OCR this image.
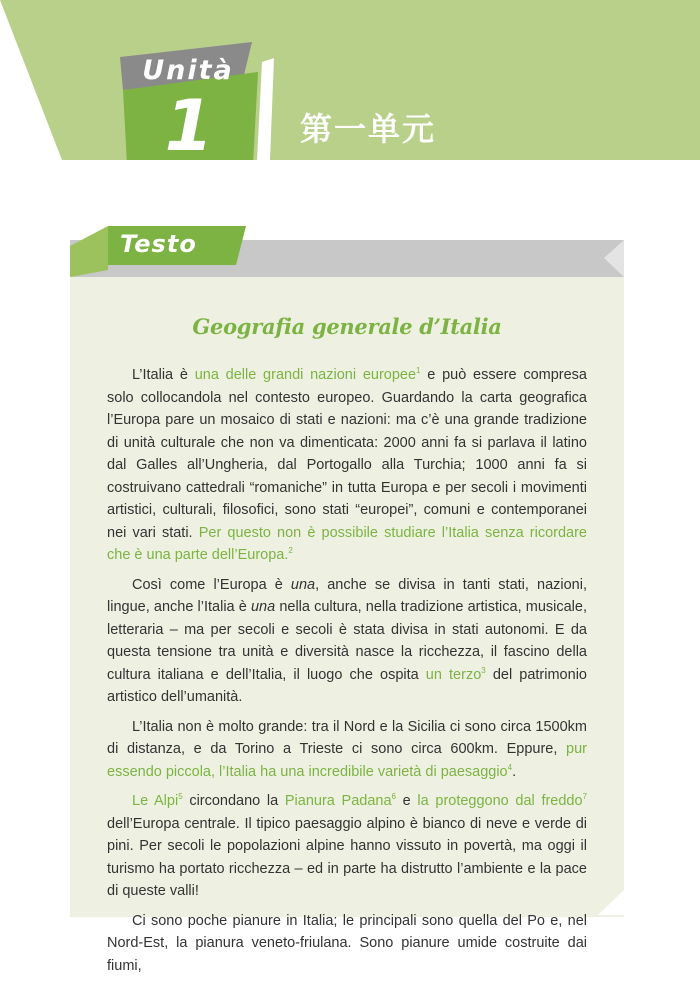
Unità
1	第一单元
Testo
Geografia generale d’Italia

L’Italia è una delle grandi nazioni europee$^1$ e può essere compresa solo collocandola nel contesto europeo. Guardando la carta geografica l’Europa pare un mosaico di stati e nazioni: ma c’è una grande tradizione di unità culturale che non va dimenticata: 2000 anni fa si parlava il latino dal Galles all’Ungheria, dal Portogallo alla Turchia; 1000 anni fa si costruivano cattedrali “romaniche” in tutta Europa e per secoli i movimenti artistici, culturali, filosofici, sono stati “europei”, comuni e contemporanei nei vari stati. Per questo non è possibile studiare l’Italia senza ricordare che è una parte dell’Europa.$^2$

Così come l’Europa è una, anche se divisa in tanti stati, nazioni, lingue, anche l’Italia è una nella cultura, nella tradizione artistica, musicale, letteraria – ma per secoli e secoli è stata divisa in stati autonomi. E da questa tensione tra unità e diversità nasce la ricchezza, il fascino della cultura italiana e dell’Italia, il luogo che ospita un terzo$^3$ del patrimonio artistico dell’umanità.

L’Italia non è molto grande: tra il Nord e la Sicilia ci sono circa 1500km di distanza, e da Torino a Trieste ci sono circa 600km. Eppure, pur essendo piccola, l’Italia ha una incredibile varietà di paesaggio$^4$.

Le Alpi$^5$ circondano la Pianura Padana$^6$ e la proteggono dal freddo$^7$ dell’Europa centrale. Il tipico paesaggio alpino è bianco di neve e verde di pini. Per secoli le popolazioni alpine hanno vissuto in povertà, ma oggi il turismo ha portato ricchezza – ed in parte ha distrutto l’ambiente e la pace di queste valli!

Ci sono poche pianure in Italia; le principali sono quella del Po e, nel Nord-Est, la pianura veneto-friulana. Sono pianure umide costruite dai fiumi,
